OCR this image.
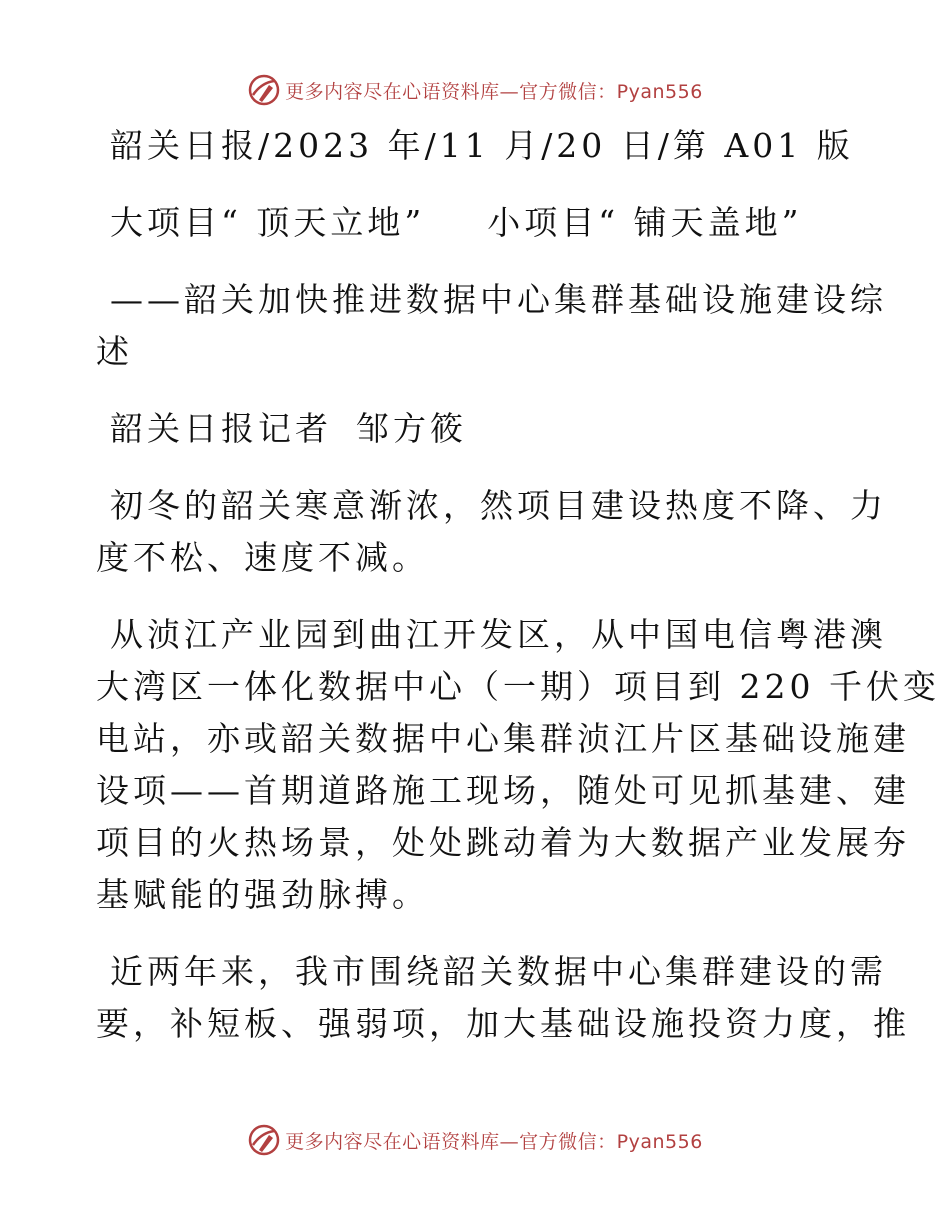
更多内容尽在心语资料库—官方微信：Pyan556

韶关日报/2023 年/11 月/20 日/第 A01 版

大项目“ 顶天立地” 小项目“ 铺天盖地”

——韶关加快推进数据中心集群基础设施建设综

述

韶关日报记者 邹方筱

初冬的韶关寒意渐浓，然项目建设热度不降、力

度不松、速度不减。

从浈江产业园到曲江开发区，从中国电信粤港澳

大湾区一体化数据中心（一期）项目到 220 千伏变

电站，亦或韶关数据中心集群浈江片区基础设施建

设项——首期道路施工现场，随处可见抓基建、建

项目的火热场景，处处跳动着为大数据产业发展夯

基赋能的强劲脉搏。

近两年来，我市围绕韶关数据中心集群建设的需

要，补短板、强弱项，加大基础设施投资力度，推

更多内容尽在心语资料库—官方微信：Pyan556
